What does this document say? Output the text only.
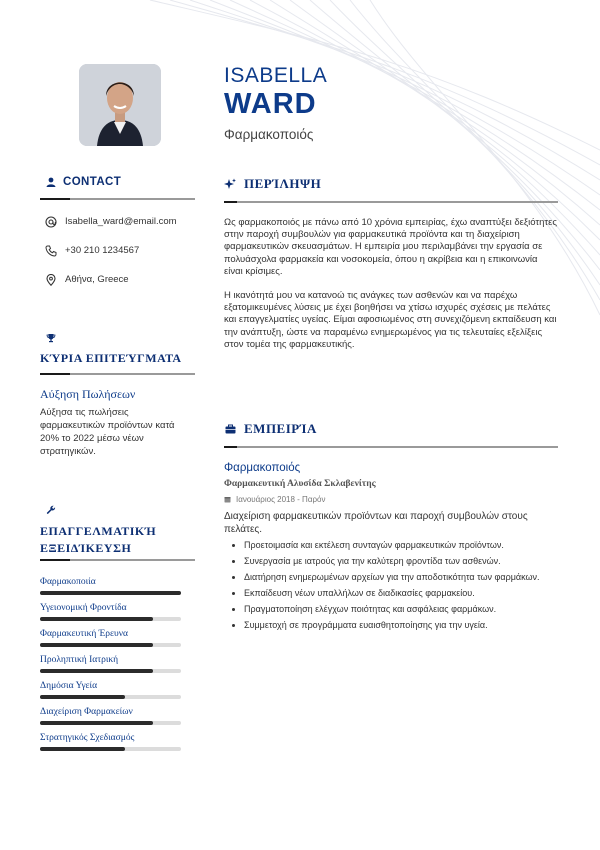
ISABELLA
WARD
Φαρμακοποιός
CONTACT
Isabella_ward@email.com
+30 210 1234567
Αθήνα, Greece
ΚΎΡΙΑ ΕΠΙΤΕΎΓΜΑΤΑ
Αύξηση Πωλήσεων
Αύξησα τις πωλήσεις φαρμακευτικών προϊόντων κατά 20% το 2022 μέσω νέων στρατηγικών.
ΕΠΑΓΓΕΛΜΑΤΙΚΉ
ΕΞΕΙΔΊΚΕΥΣΗ
Φαρμακοποιία
Υγειονομική Φροντίδα
Φαρμακευτική Έρευνα
Προληπτική Ιατρική
Δημόσια Υγεία
Διαχείριση Φαρμακείων
Στρατηγικός Σχεδιασμός
ΠΕΡΊΛΗΨΗ
Ως φαρμακοποιός με πάνω από 10 χρόνια εμπειρίας, έχω αναπτύξει δεξιότητες στην παροχή συμβουλών για φαρμακευτικά προϊόντα και τη διαχείριση φαρμακευτικών σκευασμάτων. Η εμπειρία μου περιλαμβάνει την εργασία σε πολυάσχολα φαρμακεία και νοσοκομεία, όπου η ακρίβεια και η επικοινωνία είναι κρίσιμες.
Η ικανότητά μου να κατανοώ τις ανάγκες των ασθενών και να παρέχω εξατομικευμένες λύσεις με έχει βοηθήσει να χτίσω ισχυρές σχέσεις με πελάτες και επαγγελματίες υγείας. Είμαι αφοσιωμένος στη συνεχιζόμενη εκπαίδευση και την ανάπτυξη, ώστε να παραμένω ενημερωμένος για τις τελευταίες εξελίξεις στον τομέα της φαρμακευτικής.
ΕΜΠΕΙΡΊΑ
Φαρμακοποιός
Φαρμακευτική Αλυσίδα Σκλαβενίτης
Ιανουάριος 2018 - Παρόν
Διαχείριση φαρμακευτικών προϊόντων και παροχή συμβουλών στους πελάτες.
• Προετοιμασία και εκτέλεση συνταγών φαρμακευτικών προϊόντων.
• Συνεργασία με ιατρούς για την καλύτερη φροντίδα των ασθενών.
• Διατήρηση ενημερωμένων αρχείων για την αποδοτικότητα των φαρμάκων.
• Εκπαίδευση νέων υπαλλήλων σε διαδικασίες φαρμακείου.
• Πραγματοποίηση ελέγχων ποιότητας και ασφάλειας φαρμάκων.
• Συμμετοχή σε προγράμματα ευαισθητοποίησης για την υγεία.
